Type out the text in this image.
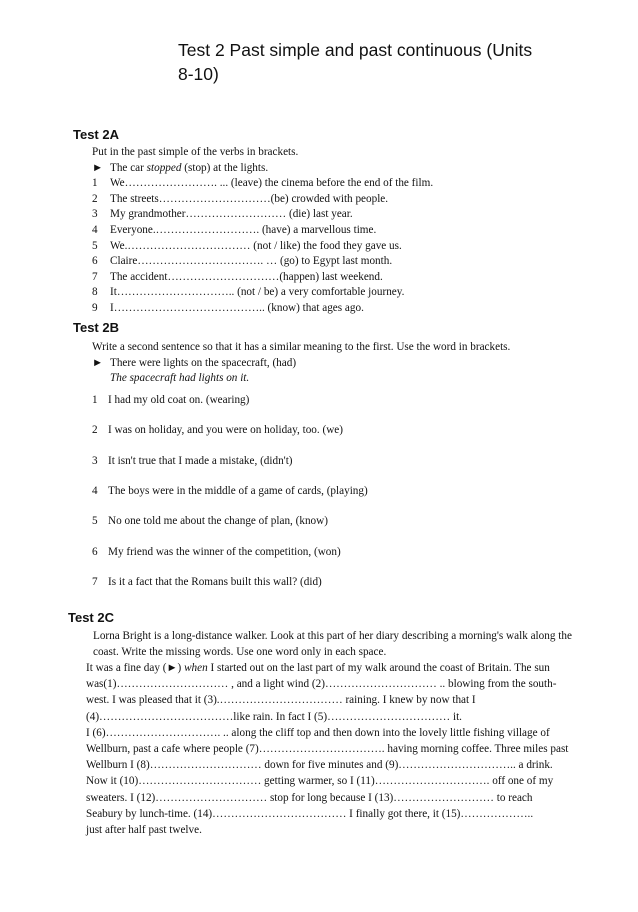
Test 2 Past simple and past continuous (Units
8-10)
Test 2A
Put in the past simple of the verbs in brackets.
► The car stopped (stop) at the lights.
1 We……………………. ... (leave) the cinema before the end of the film.
2 The streets…………………………(be) crowded with people.
3 My grandmother……………………… (die) last year.
4 Everyone.………………………. (have) a marvellous time.
5 We.…………………………… (not / like) the food they gave us.
6 Claire……………………………. … (go) to Egypt last month.
7 The accident…………………………(happen) last weekend.
8 It………………………….. (not / be) a very comfortable journey.
9 I………………………………….. (know) that ages ago.
Test 2B
Write a second sentence so that it has a similar meaning to the first. Use the word in brackets.
► There were lights on the spacecraft, (had)
The spacecraft had lights on it.
1 I had my old coat on. (wearing)
2 I was on holiday, and you were on holiday, too. (we)
3 It isn't true that I made a mistake, (didn't)
4 The boys were in the middle of a game of cards, (playing)
5 No one told me about the change of plan, (know)
6 My friend was the winner of the competition, (won)
7 Is it a fact that the Romans built this wall? (did)
Test 2C
Lorna Bright is a long-distance walker. Look at this part of her diary describing a morning's walk along the
coast. Write the missing words. Use one word only in each space.
It was a fine day (►) when I started out on the last part of my walk around the coast of Britain. The sun
was(1)………………………… , and a light wind (2)………………………… .. blowing from the south-
west. I was pleased that it (3).…………………………… raining. I knew by now that I
(4)………………………………like rain. In fact I (5)…………………………… it.
I (6)…………………………. .. along the cliff top and then down into the lovely little fishing village of
Wellburn, past a cafe where people (7)……………………………. having morning coffee. Three miles past
Wellburn I (8)………………………… down for five minutes and (9)………………………….. a drink.
Now it (10)…………………………… getting warmer, so I (11)…………………………. off one of my
sweaters. I (12)………………………… stop for long because I (13)……………………… to reach
Seabury by lunch-time. (14)……………………………… I finally got there, it (15)………………..
just after half past twelve.
